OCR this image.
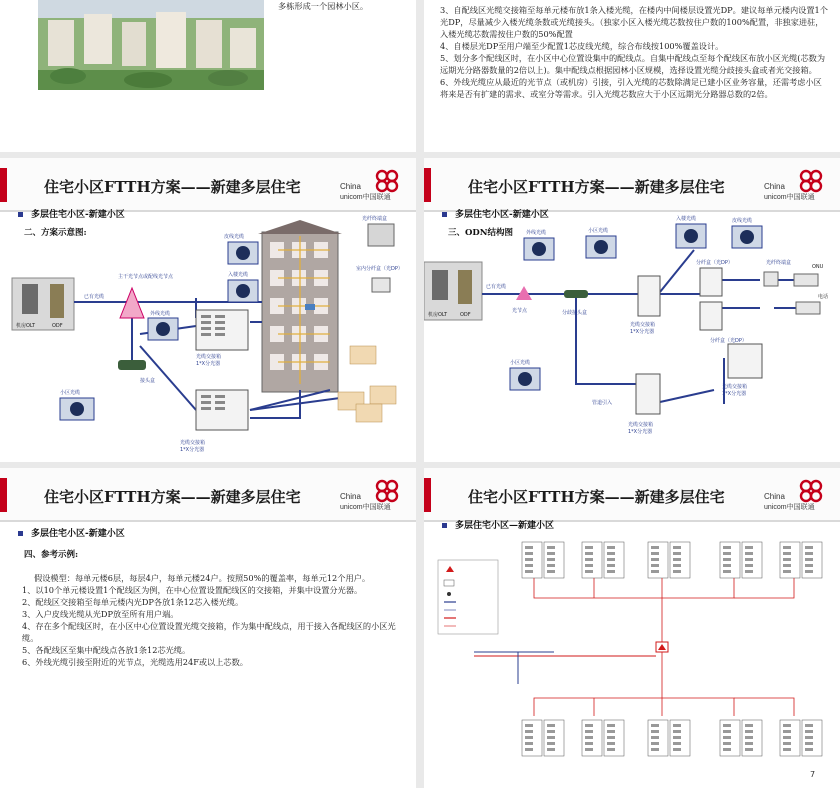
3、自配线区光缆交接箱至每单元楼布放1条入楼光缆，在楼内中间楼层设置光DP。建议每单元楼内设置1个光DP，尽量减少入楼光缆条数或光缆接头。（独家小区入楼光缆芯数按住户数的100%配置，非独家进驻，入楼光缆芯数需按住户数的50%配置
4、自楼层光DP至用户端至少配置1芯皮线光缆，综合布线按100%覆盖设计。
5、划分多个配线区时，在小区中心位置设集中的配线点。自集中配线点至每个配线区布放小区光缆(芯数为远期光分路器数量的2倍以上)。集中配线点根据园林小区规模，选择设置光缆分歧接头盒或者光交接箱。
6、外线光缆应从最近的光节点（或机房）引接，引入光缆的芯数除满足已建小区业务容量，还需考虑小区将来是否有扩建的需求、或室分等需求。引入光缆芯数应大于小区远期光分路器总数的2倍。
多栋形成一个园林小区。
住宅小区FTTH方案——新建多层住宅	China
unicom中国联通
多层住宅小区-新建小区
二、方案示意图:
机房OLT	ODF
主干光节点或配线光节点
已有光缆
外线光缆
接头盒
小区光缆
光缆交接箱
1*X分光器
光缆交接箱
1*X分光器
皮线光缆
入楼光缆
光纤终端盒
室内分纤盒（光DP）
住宅小区FTTH方案——新建多层住宅	China
unicom中国联通
多层住宅小区-新建小区
三、ODN结构图
机房OLT	ODF
光节点
已有光缆
外线光缆
分歧接头盒
小区光缆
光缆交接箱
1*X分光器
入楼光缆
分纤盒（光DP）
分纤盒（光DP）
皮线光缆
光纤终端盒
ONU
电话
小区光缆
管道引入
光缆交接箱
1*X分光器
光缆交接箱
1*X分光器
住宅小区FTTH方案——新建多层住宅	China
unicom中国联通
多层住宅小区-新建小区
四、参考示例:
假设模型：每单元楼6层，每层4户，每单元楼24户。按照50%的覆盖率，每单元12个用户。
1、以10个单元楼设置1个配线区为例，在中心位置设置配线区的交接箱，并集中设置分光器。
2、配线区交接箱至每单元楼内光DP各放1条12芯入楼光缆。
3、入户皮线光缆从光DP放至所有用户端。
4、存在多个配线区时，在小区中心位置设置光缆交接箱，作为集中配线点，用于接入各配线区的小区光缆。
5、各配线区至集中配线点各放1条12芯光缆。
6、外线光缆引接至附近的光节点，光缆选用24F或以上芯数。
住宅小区FTTH方案——新建多层住宅	China
unicom中国联通
多层住宅小区—新建小区
7
